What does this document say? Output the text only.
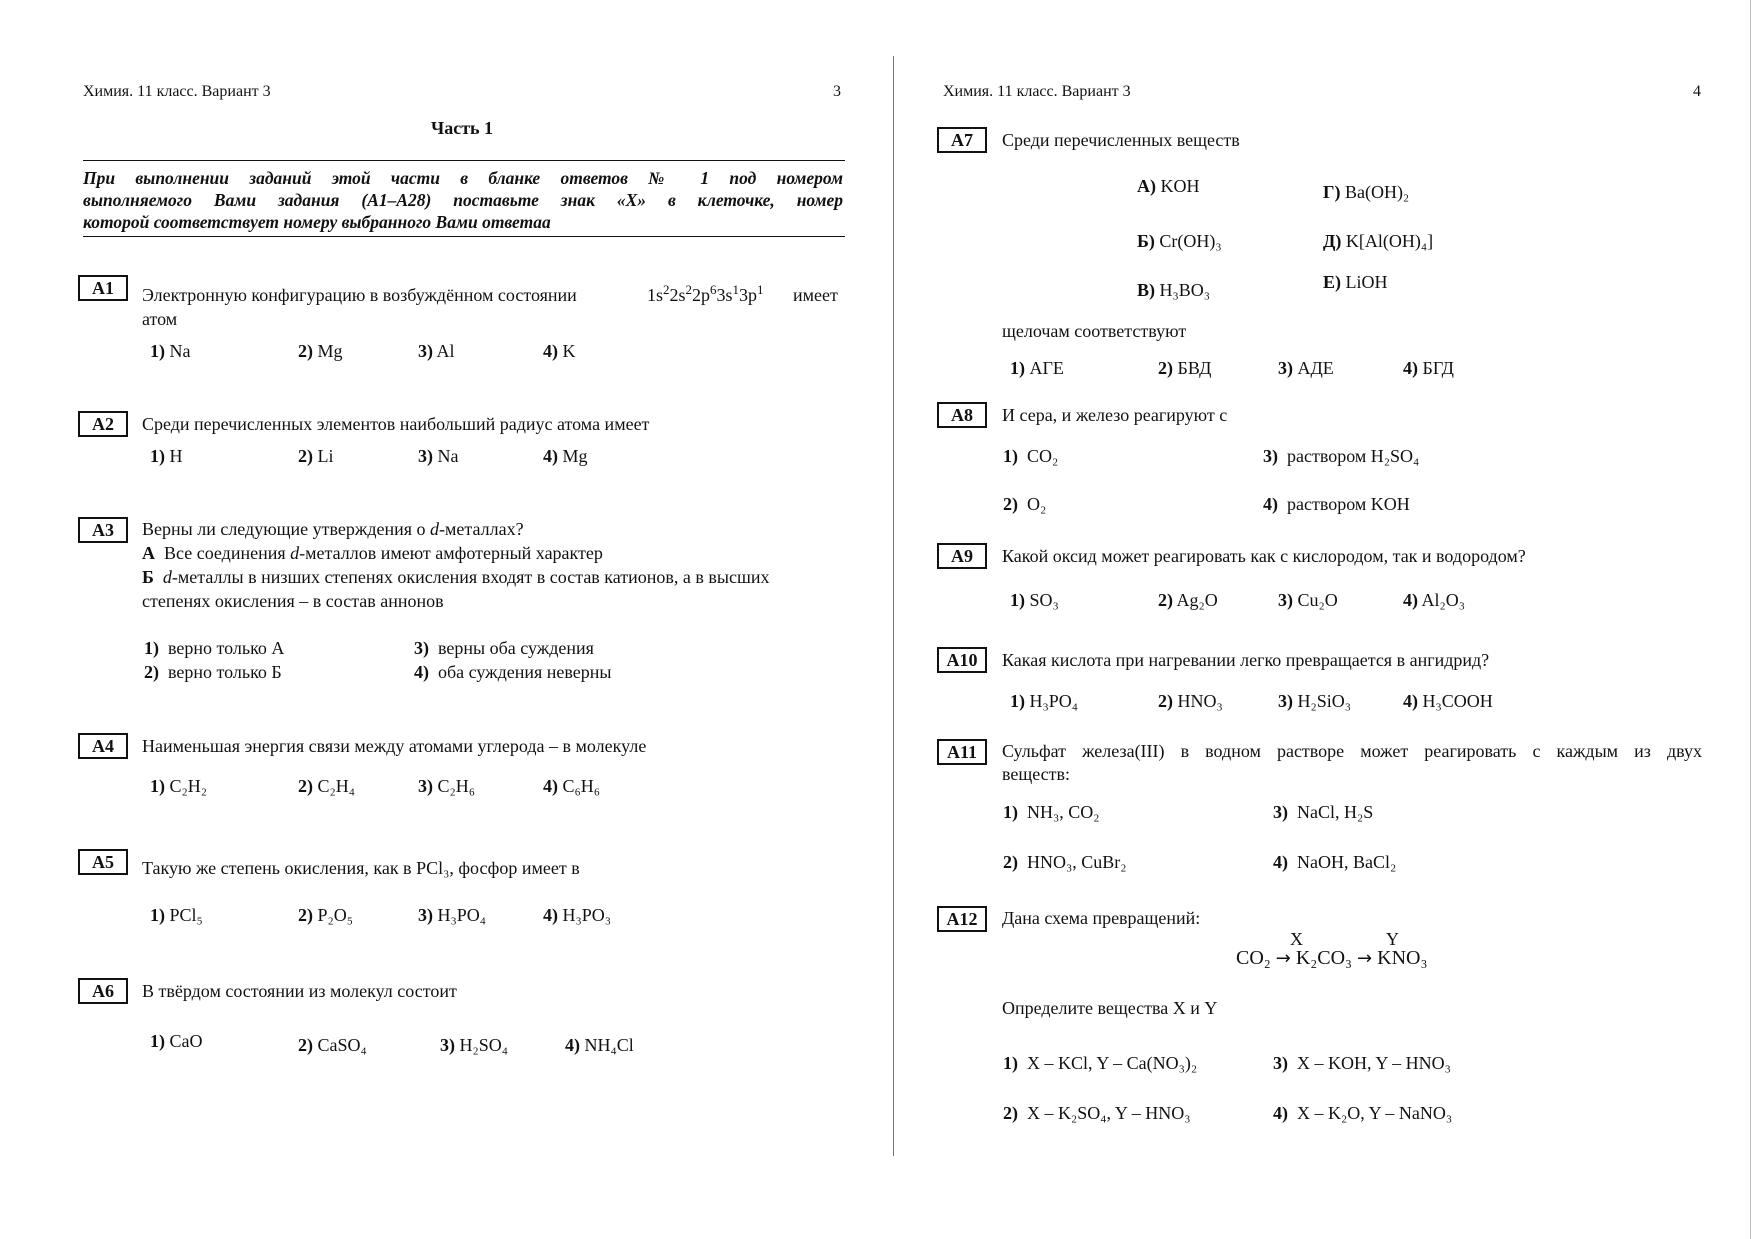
Химия. 11 класс. Вариант 3	3
Часть 1
При выполнении заданий этой части в бланке ответов № 1 под номером
выполняемого Вами задания (А1–А28) поставьте знак «X» в клеточке, номер
которой соответствует номеру выбранного Вами ответаа
A1	Электронную конфигурацию в возбуждённом состоянии	$1s^22s^22p^63s^13p^1$ имеет
атом
1) Na	2) Mg	3) Al	4) K
A2	Среди перечисленных элементов наибольший радиус атома имеет
1) H	2) Li	3) Na	4) Mg
A3	Верны ли следующие утверждения о d-металлах?
А Все соединения d-металлов имеют амфотерный характер
Б d-металлы в низших степенях окисления входят в состав катионов, а в высших
степенях окисления – в состав аннонов
1) верно только А
2) верно только Б
3) верны оба суждения
4) оба суждения неверны
A4	Наименьшая энергия связи между атомами углерода – в молекуле
1) C₂H₂	2) C₂H₄	3) C₂H₆	4) C₆H₆
A5	Такую же степень окисления, как в PCl₃, фосфор имеет в
1) PCl₅	2) P₂O₅	3) H₃PO₄	4) H₃PO₃
A6	В твёрдом состоянии из молекул состоит
1) CaO	2) CaSO₄	3) H₂SO₄	4) NH₄Cl
Химия. 11 класс. Вариант 3	4
A7	Среди перечисленных веществ
А) KOH
Б) Cr(OH)₃
В) H₃BO₃
Г) Ba(OH)₂
Д) K[Al(OH)₄]
Е) LiOH
щелочам соответствуют
1) АГЕ	2) БВД	3) АДЕ	4) БГД
A8	И сера, и железо реагируют с
1) CO₂
2) O₂
3) раствором H₂SO₄
4) раствором KOH
A9	Какой оксид может реагировать как с кислородом, так и водородом?
1) SO₃	2) Ag₂O	3) Cu₂O	4) Al₂O₃
A10	Какая кислота при нагревании легко превращается в ангидрид?
1) H₃PO₄	2) HNO₃	3) H₂SiO₃	4) H₃COOH
A11	Сульфат железа(III) в водном растворе может реагировать с каждым из двух
веществ:
1) NH₃, CO₂
2) HNO₃, CuBr₂
3) NaCl, H₂S
4) NaOH, BaCl₂
A12	Дана схема превращений:
X	Y
CO₂ → K₂CO₃ → KNO₃
Определите вещества X и Y
1) X – KCl, Y – Ca(NO₃)₂
2) X – K₂SO₄, Y – HNO₃
3) X – KOH, Y – HNO₃
4) X – K₂O, Y – NaNO₃
